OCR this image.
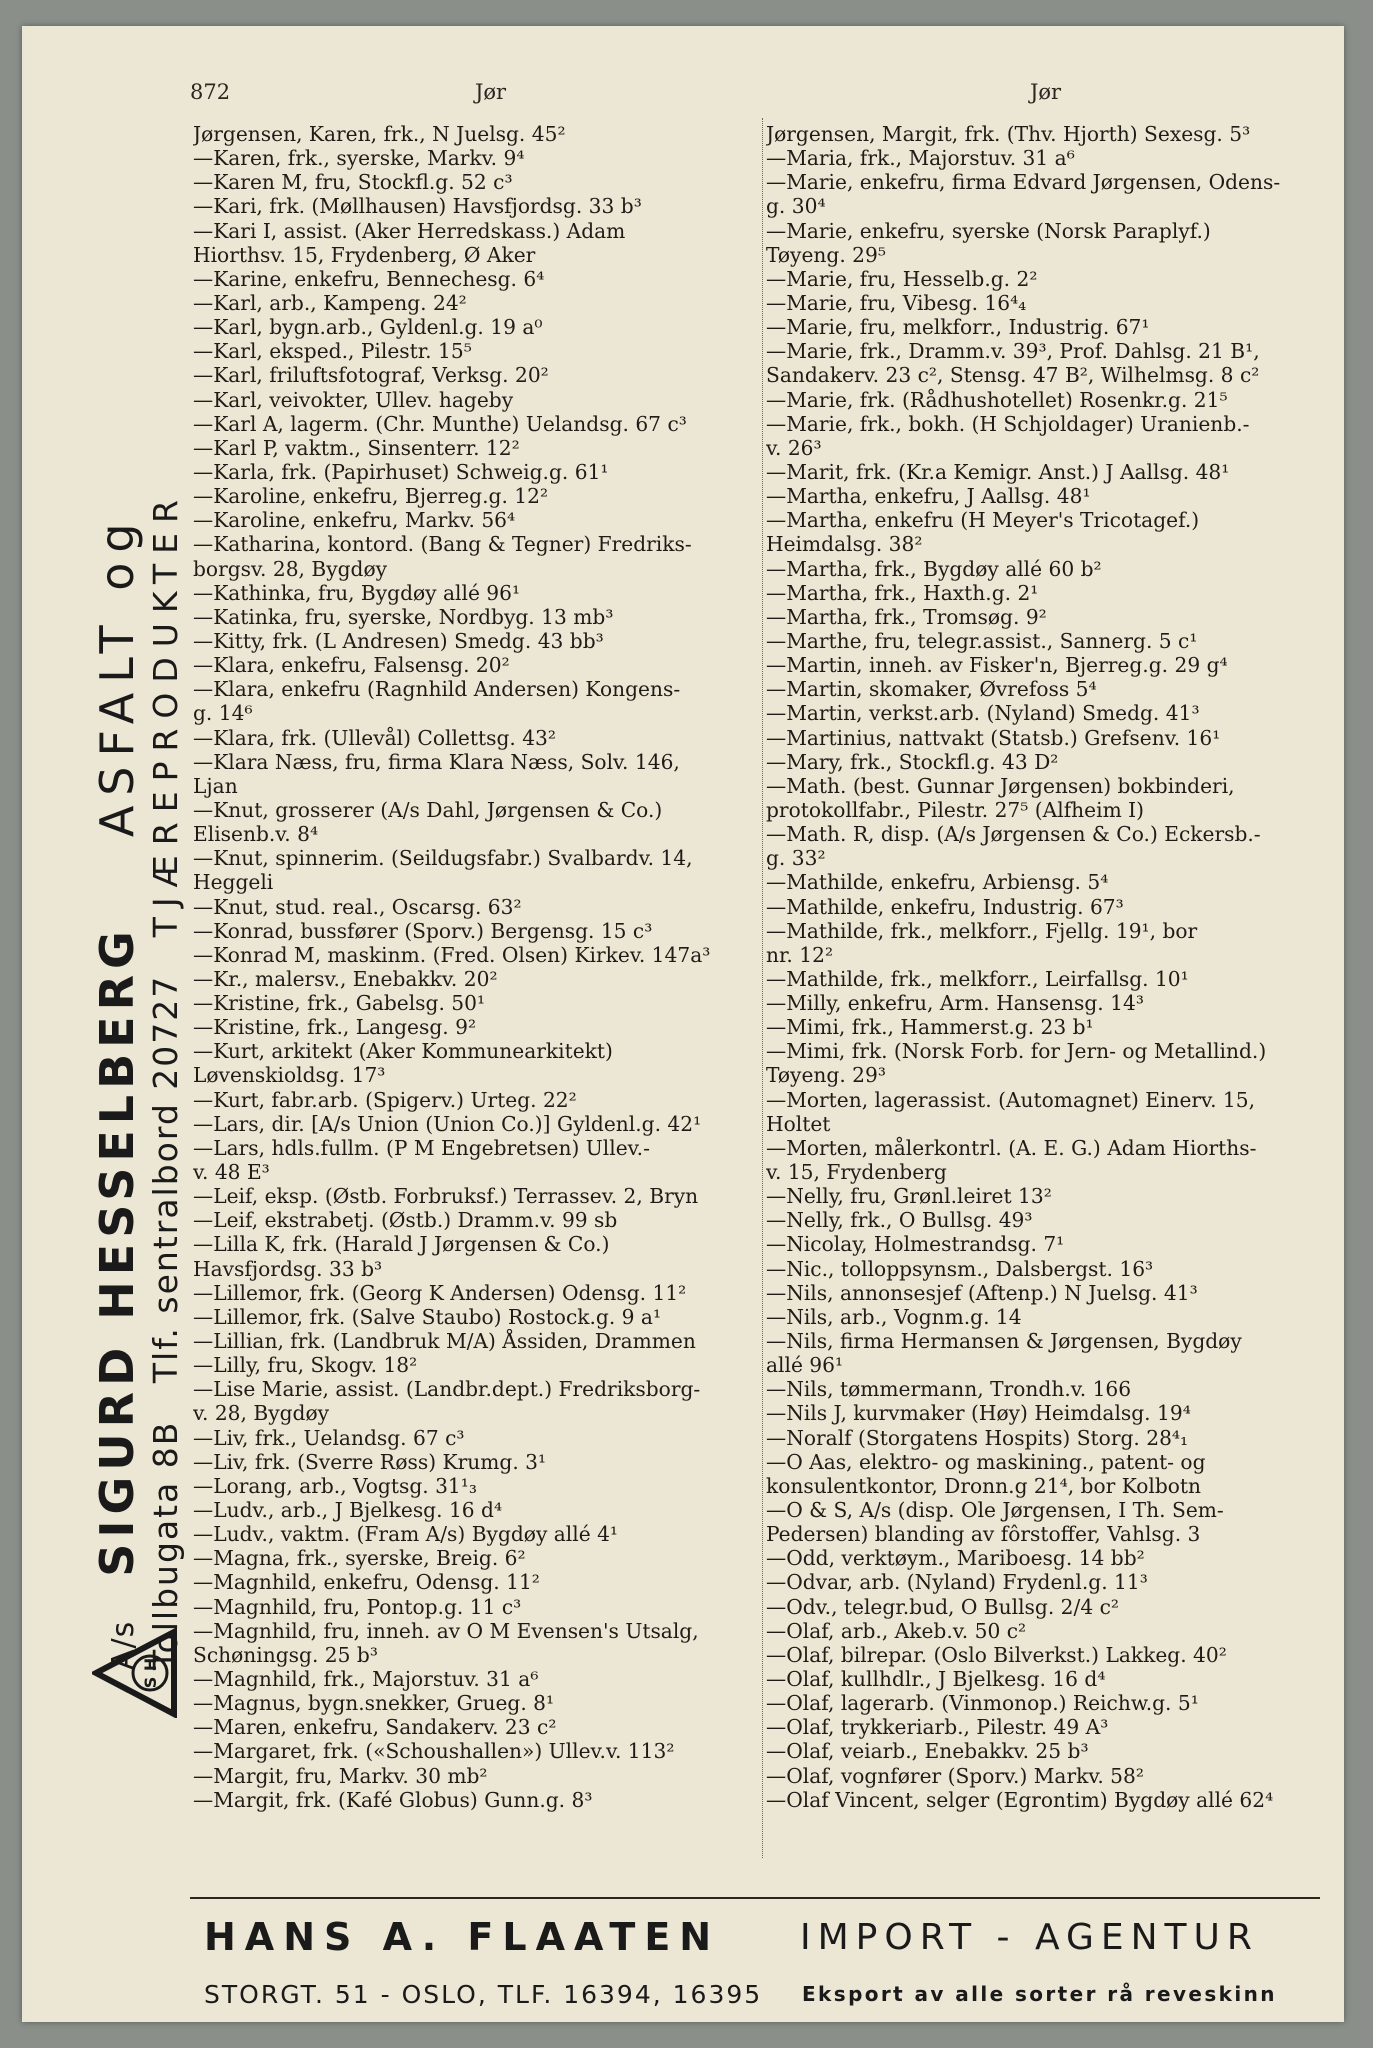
872	Jør	Jør
Jørgensen, Karen, frk., N Juelsg. 45²
—Karen, frk., syerske, Markv. 9⁴
—Karen M, fru, Stockfl.g. 52 c³
—Kari, frk. (Møllhausen) Havsfjordsg. 33 b³
—Kari I, assist. (Aker Herredskass.) Adam
Hiorthsv. 15, Frydenberg, Ø Aker
—Karine, enkefru, Bennechesg. 6⁴
—Karl, arb., Kampeng. 24²
—Karl, bygn.arb., Gyldenl.g. 19 a⁰
—Karl, eksped., Pilestr. 15⁵
—Karl, friluftsfotograf, Verksg. 20²
—Karl, veivokter, Ullev. hageby
—Karl A, lagerm. (Chr. Munthe) Uelandsg. 67 c³
—Karl P, vaktm., Sinsenterr. 12²
—Karla, frk. (Papirhuset) Schweig.g. 61¹
—Karoline, enkefru, Bjerreg.g. 12²
—Karoline, enkefru, Markv. 56⁴
—Katharina, kontord. (Bang & Tegner) Fredriks-
borgsv. 28, Bygdøy
—Kathinka, fru, Bygdøy allé 96¹
—Katinka, fru, syerske, Nordbyg. 13 mb³
—Kitty, frk. (L Andresen) Smedg. 43 bb³
—Klara, enkefru, Falsensg. 20²
—Klara, enkefru (Ragnhild Andersen) Kongens-
g. 14⁶
—Klara, frk. (Ullevål) Collettsg. 43²
—Klara Næss, fru, firma Klara Næss, Solv. 146,
Ljan
—Knut, grosserer (A/s Dahl, Jørgensen & Co.)
Elisenb.v. 8⁴
—Knut, spinnerim. (Seildugsfabr.) Svalbardv. 14,
Heggeli
—Knut, stud. real., Oscarsg. 63²
—Konrad, bussfører (Sporv.) Bergensg. 15 c³
—Konrad M, maskinm. (Fred. Olsen) Kirkev. 147a³
—Kr., malersv., Enebakkv. 20²
—Kristine, frk., Gabelsg. 50¹
—Kristine, frk., Langesg. 9²
—Kurt, arkitekt (Aker Kommunearkitekt)
Løvenskioldsg. 17³
—Kurt, fabr.arb. (Spigerv.) Urteg. 22²
—Lars, dir. [A/s Union (Union Co.)] Gyldenl.g. 42¹
—Lars, hdls.fullm. (P M Engebretsen) Ullev.-
v. 48 E³
—Leif, eksp. (Østb. Forbruksf.) Terrassev. 2, Bryn
—Leif, ekstrabetj. (Østb.) Dramm.v. 99 sb
—Lilla K, frk. (Harald J Jørgensen & Co.)
Havsfjordsg. 33 b³
—Lillemor, frk. (Georg K Andersen) Odensg. 11²
—Lillemor, frk. (Salve Staubo) Rostock.g. 9 a¹
—Lillian, frk. (Landbruk M/A) Åssiden, Drammen
—Lilly, fru, Skogv. 18²
—Lise Marie, assist. (Landbr.dept.) Fredriksborg-
v. 28, Bygdøy
—Liv, frk., Uelandsg. 67 c³
—Liv, frk. (Sverre Røss) Krumg. 3¹
—Lorang, arb., Vogtsg. 31¹₃
—Ludv., arb., J Bjelkesg. 16 d⁴
—Ludv., vaktm. (Fram A/s) Bygdøy allé 4¹
—Magna, frk., syerske, Breig. 6²
—Magnhild, enkefru, Odensg. 11²
—Magnhild, fru, Pontop.g. 11 c³
—Magnhild, fru, inneh. av O M Evensen's Utsalg,
Schøningsg. 25 b³
—Magnhild, frk., Majorstuv. 31 a⁶
—Magnus, bygn.snekker, Grueg. 8¹
—Maren, enkefru, Sandakerv. 23 c²
—Margaret, frk. («Schoushallen») Ullev.v. 113²
—Margit, fru, Markv. 30 mb²
—Margit, frk. (Kafé Globus) Gunn.g. 8³
Jørgensen, Margit, frk. (Thv. Hjorth) Sexesg. 5³
—Maria, frk., Majorstuv. 31 a⁶
—Marie, enkefru, firma Edvard Jørgensen, Odens-
g. 30⁴
—Marie, enkefru, syerske (Norsk Paraplyf.)
Tøyeng. 29⁵
—Marie, fru, Hesselb.g. 2²
—Marie, fru, Vibesg. 16⁴₄
—Marie, fru, melkforr., Industrig. 67¹
—Marie, frk., Dramm.v. 39³, Prof. Dahlsg. 21 B¹,
Sandakerv. 23 c², Stensg. 47 B², Wilhelmsg. 8 c²
—Marie, frk. (Rådhushotellet) Rosenkr.g. 21⁵
—Marie, frk., bokh. (H Schjoldager) Uranienb.-
v. 26³
—Marit, frk. (Kr.a Kemigr. Anst.) J Aallsg. 48¹
—Martha, enkefru, J Aallsg. 48¹
—Martha, enkefru (H Meyer's Tricotagef.)
Heimdalsg. 38²
—Martha, frk., Bygdøy allé 60 b²
—Martha, frk., Haxth.g. 2¹
—Martha, frk., Tromsøg. 9²
—Marthe, fru, telegr.assist., Sannerg. 5 c¹
—Martin, inneh. av Fisker'n, Bjerreg.g. 29 g⁴
—Martin, skomaker, Øvrefoss 5⁴
—Martin, verkst.arb. (Nyland) Smedg. 41³
—Martinius, nattvakt (Statsb.) Grefsenv. 16¹
—Mary, frk., Stockfl.g. 43 D²
—Math. (best. Gunnar Jørgensen) bokbinderi,
protokollfabr., Pilestr. 27⁵ (Alfheim I)
—Math. R, disp. (A/s Jørgensen & Co.) Eckersb.-
g. 33²
—Mathilde, enkefru, Arbiensg. 5⁴
—Mathilde, enkefru, Industrig. 67³
—Mathilde, frk., melkforr., Fjellg. 19¹, bor
nr. 12²
—Mathilde, frk., melkforr., Leirfallsg. 10¹
—Milly, enkefru, Arm. Hansensg. 14³
—Mimi, frk., Hammerst.g. 23 b¹
—Mimi, frk. (Norsk Forb. for Jern- og Metallind.)
Tøyeng. 29³
—Morten, lagerassist. (Automagnet) Einerv. 15,
Holtet
—Morten, målerkontrl. (A. E. G.) Adam Hiorths-
v. 15, Frydenberg
—Nelly, fru, Grønl.leiret 13²
—Nelly, frk., O Bullsg. 49³
—Nicolay, Holmestrandsg. 7¹
—Nic., tolloppsynsm., Dalsbergst. 16³
—Nils, annonsesjef (Aftenp.) N Juelsg. 41³
—Nils, arb., Vognm.g. 14
—Nils, firma Hermansen & Jørgensen, Bygdøy
allé 96¹
—Nils, tømmermann, Trondh.v. 166
—Nils J, kurvmaker (Høy) Heimdalsg. 19⁴
—Noralf (Storgatens Hospits) Storg. 28⁴₁
—O Aas, elektro- og maskining., patent- og
konsulentkontor, Dronn.g 21⁴, bor Kolbotn
—O & S, A/s (disp. Ole Jørgensen, I Th. Sem-
Pedersen) blanding av fôrstoffer, Vahlsg. 3
—Odd, verktøym., Mariboesg. 14 bb²
—Odvar, arb. (Nyland) Frydenl.g. 11³
—Odv., telegr.bud, O Bullsg. 2/4 c²
—Olaf, arb., Akeb.v. 50 c²
—Olaf, bilrepar. (Oslo Bilverkst.) Lakkeg. 40²
—Olaf, kullhdlr., J Bjelkesg. 16 d⁴
—Olaf, lagerarb. (Vinmonop.) Reichw.g. 5¹
—Olaf, trykkeriarb., Pilestr. 49 A³
—Olaf, veiarb., Enebakkv. 25 b³
—Olaf, vognfører (Sporv.) Markv. 58²
—Olaf Vincent, selger (Egrontim) Bygdøy allé 62⁴
A/s  SIGURD HESSELBERG    ASFALT og
Tollbugata 8B   Tlf. sentralbord 20727   TJÆREPRODUKTER
S H
HANS A. FLAATEN
STORGT. 51 - OSLO, TLF. 16394, 16395
IMPORT - AGENTUR
Eksport av alle sorter rå reveskinn
